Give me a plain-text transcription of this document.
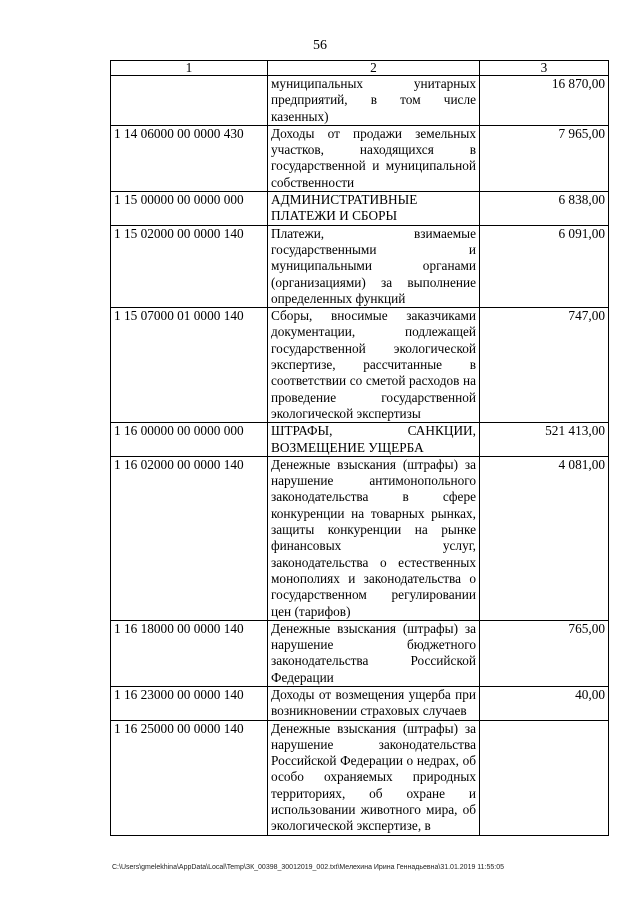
56
1	2	3
	муниципальных унитарных предприятий, в том числе казенных)	16 870,00
1 14 06000 00 0000 430	Доходы от продажи земельных участков, находящихся в государственной и муниципальной собственности	7 965,00
1 15 00000 00 0000 000	АДМИНИСТРАТИВНЫЕ ПЛАТЕЖИ И СБОРЫ	6 838,00
1 15 02000 00 0000 140	Платежи, взимаемые государственными и муниципальными органами (организациями) за выполнение определенных функций	6 091,00
1 15 07000 01 0000 140	Сборы, вносимые заказчиками документации, подлежащей государственной экологической экспертизе, рассчитанные в соответствии со сметой расходов на проведение государственной экологической экспертизы	747,00
1 16 00000 00 0000 000	ШТРАФЫ, САНКЦИИ, ВОЗМЕЩЕНИЕ УЩЕРБА	521 413,00
1 16 02000 00 0000 140	Денежные взыскания (штрафы) за нарушение антимонопольного законодательства в сфере конкуренции на товарных рынках, защиты конкуренции на рынке финансовых услуг, законодательства о естественных монополиях и законодательства о государственном регулировании цен (тарифов)	4 081,00
1 16 18000 00 0000 140	Денежные взыскания (штрафы) за нарушение бюджетного законодательства Российской Федерации	765,00
1 16 23000 00 0000 140	Доходы от возмещения ущерба при возникновении страховых случаев	40,00
1 16 25000 00 0000 140	Денежные взыскания (штрафы) за нарушение законодательства Российской Федерации о недрах, об особо охраняемых природных территориях, об охране и использовании животного мира, об экологической экспертизе, в	
C:\Users\gmelekhina\AppData\Local\Temp\ЗК_00398_30012019_002.txt\Мелехина Ирина Геннадьевна\31.01.2019 11:55:05
